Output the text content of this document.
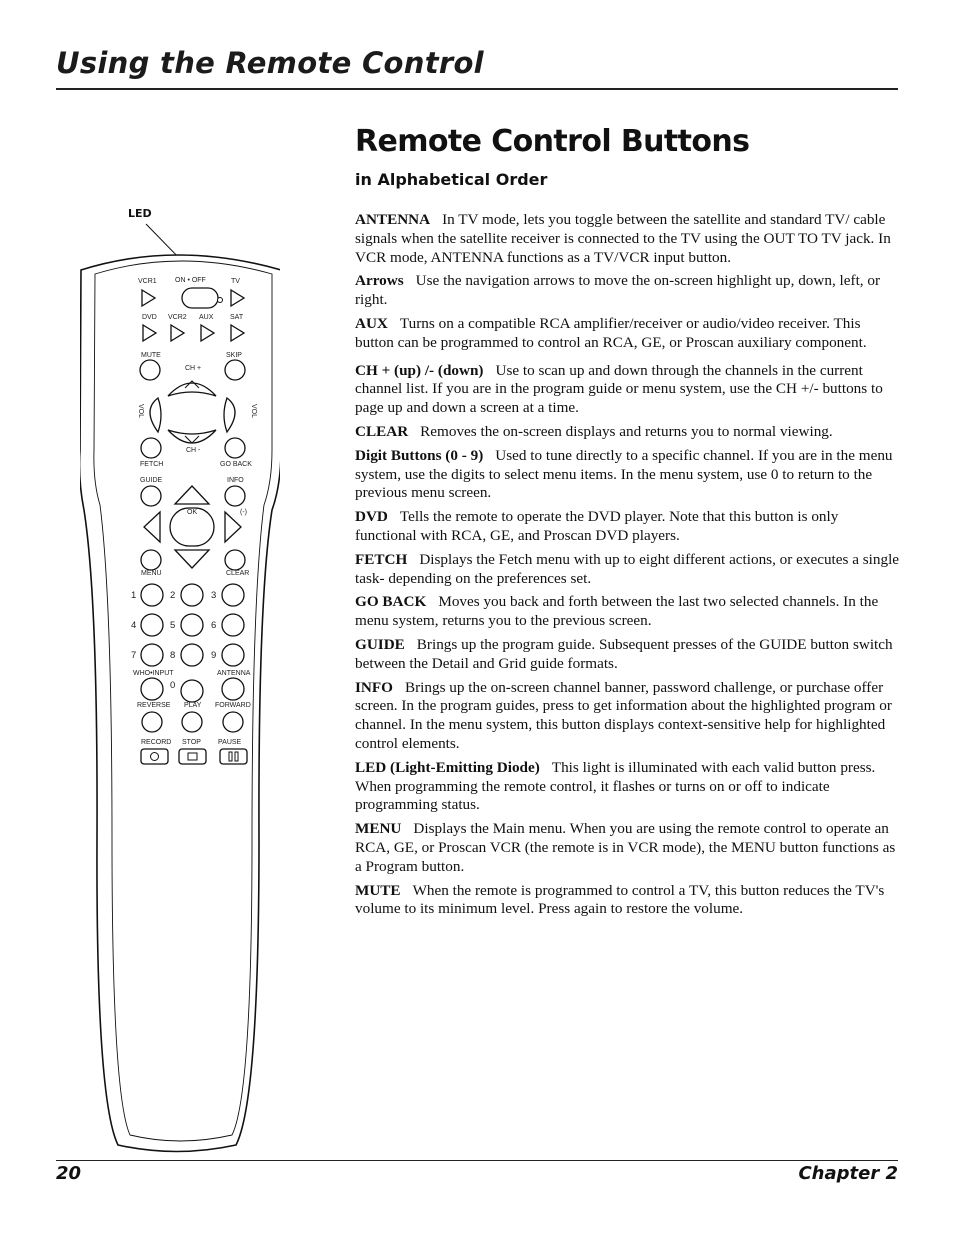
Using the Remote Control
Remote Control Buttons
in Alphabetical Order
LED
VCR1	ON • OFF	TV
DVD VCR2 AUX SAT
MUTE	SKIP
CH +
CH -
VOL	VOL
FETCH	GO BACK
GUIDE	INFO
OK	(-)
MENU	CLEAR
1	2	3
4	5	6
7	8	9
WHO•INPUT	ANTENNA
0
REVERSE PLAY FORWARD
RECORD STOP PAUSE

ANTENNA In TV mode, lets you toggle between the satellite and standard TV/ cable signals when the satellite receiver is connected to the TV using the OUT TO TV jack. In VCR mode, ANTENNA functions as a TV/VCR input button.

Arrows Use the navigation arrows to move the on-screen highlight up, down, left, or right.

AUX Turns on a compatible RCA amplifier/receiver or audio/video receiver. This button can be programmed to control an RCA, GE, or Proscan auxiliary component.

CH + (up) /- (down) Use to scan up and down through the channels in the current channel list. If you are in the program guide or menu system, use the CH +/- buttons to page up and down a screen at a time.

CLEAR Removes the on-screen displays and returns you to normal viewing.

Digit Buttons (0 - 9) Used to tune directly to a specific channel. If you are in the menu system, use the digits to select menu items. In the menu system, use 0 to return to the previous menu screen.

DVD Tells the remote to operate the DVD player. Note that this button is only functional with RCA, GE, and Proscan DVD players.

FETCH Displays the Fetch menu with up to eight different actions, or executes a single task- depending on the preferences set.

GO BACK Moves you back and forth between the last two selected channels. In the menu system, returns you to the previous screen.

GUIDE Brings up the program guide. Subsequent presses of the GUIDE button switch between the Detail and Grid guide formats.

INFO Brings up the on-screen channel banner, password challenge, or purchase offer screen. In the program guides, press to get information about the highlighted program or channel. In the menu system, this button displays context-sensitive help for highlighted control elements.

LED (Light-Emitting Diode) This light is illuminated with each valid button press. When programming the remote control, it flashes or turns on or off to indicate programming status.

MENU Displays the Main menu. When you are using the remote control to operate an RCA, GE, or Proscan VCR (the remote is in VCR mode), the MENU button functions as a Program button.

MUTE When the remote is programmed to control a TV, this button reduces the TV's volume to its minimum level. Press again to restore the volume.

20	Chapter 2
